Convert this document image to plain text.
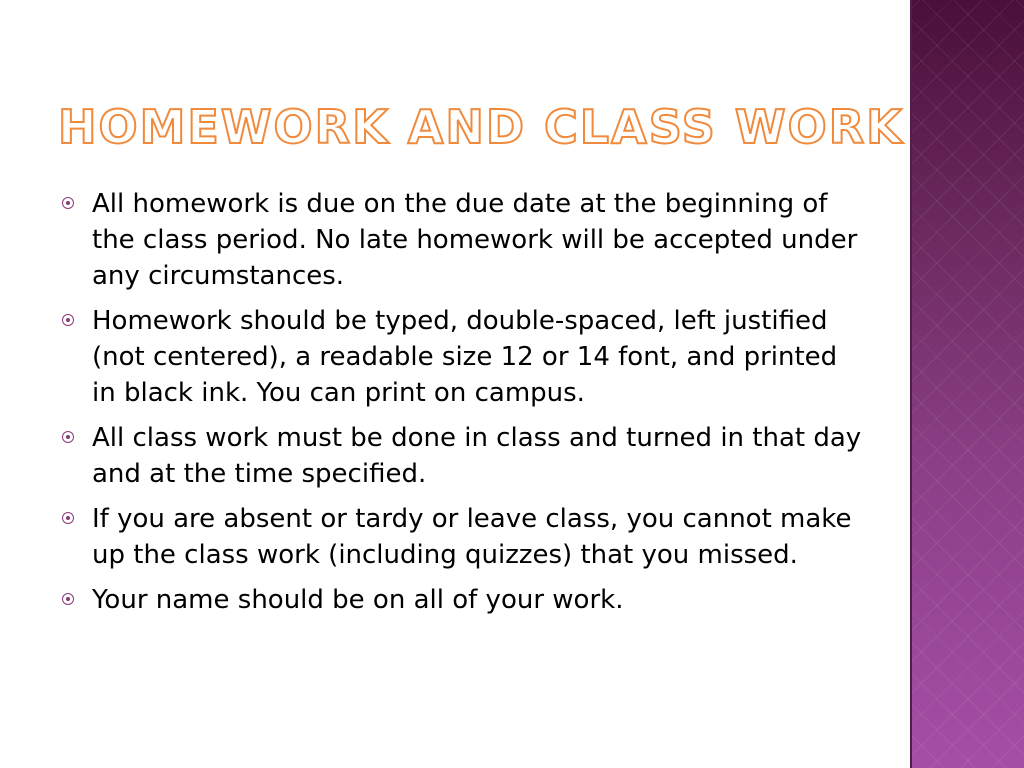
HOMEWORK AND CLASS WORK
All homework is due on the due date at the beginning of the class period. No late homework will be accepted under any circumstances.
Homework should be typed, double-spaced, left justified (not centered), a readable size 12 or 14 font, and printed in black ink. You can print on campus.
All class work must be done in class and turned in that day and at the time specified.
If you are absent or tardy or leave class, you cannot make up the class work (including quizzes) that you missed.
Your name should be on all of your work.
